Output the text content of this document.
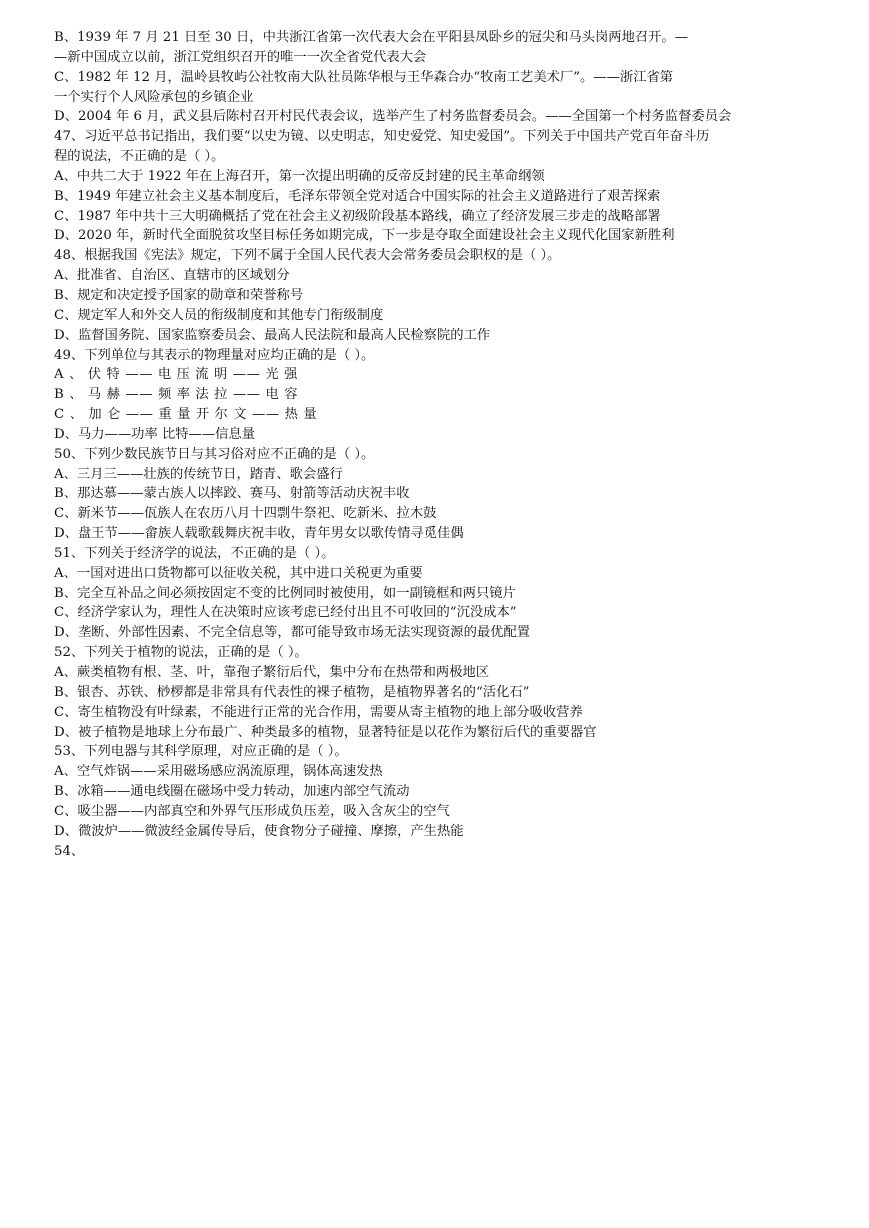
B、1939 年 7 月 21 日至 30 日，中共浙江省第一次代表大会在平阳县凤卧乡的冠尖和马头岗两地召开。—
—新中国成立以前，浙江党组织召开的唯一一次全省党代表大会
C、1982 年 12 月，温岭县牧屿公社牧南大队社员陈华根与王华森合办“牧南工艺美术厂”。——浙江省第
一个实行个人风险承包的乡镇企业
D、2004 年 6 月，武义县后陈村召开村民代表会议，选举产生了村务监督委员会。——全国第一个村务监督委员会
47、习近平总书记指出，我们要“以史为镜、以史明志，知史爱党、知史爱国”。下列关于中国共产党百年奋斗历
程的说法，不正确的是（ ）。
A、中共二大于 1922 年在上海召开，第一次提出明确的反帝反封建的民主革命纲领
B、1949 年建立社会主义基本制度后，毛泽东带领全党对适合中国实际的社会主义道路进行了艰苦探索
C、1987 年中共十三大明确概括了党在社会主义初级阶段基本路线，确立了经济发展三步走的战略部署
D、2020 年，新时代全面脱贫攻坚目标任务如期完成，下一步是夺取全面建设社会主义现代化国家新胜利
48、根据我国《宪法》规定，下列不属于全国人民代表大会常务委员会职权的是（ ）。
A、批准省、自治区、直辖市的区域划分
B、规定和决定授予国家的勋章和荣誉称号
C、规定军人和外交人员的衔级制度和其他专门衔级制度
D、监督国务院、国家监察委员会、最高人民法院和最高人民检察院的工作
49、下列单位与其表示的物理量对应均正确的是（ ）。
A 、 伏 特 —— 电 压 流 明 —— 光 强
B 、 马 赫 —— 频 率 法 拉 —— 电 容
C 、 加 仑 —— 重 量 开 尔 文 —— 热 量
D、马力——功率 比特——信息量
50、下列少数民族节日与其习俗对应不正确的是（ ）。
A、三月三——壮族的传统节日，踏青、歌会盛行
B、那达慕——蒙古族人以摔跤、赛马、射箭等活动庆祝丰收
C、新米节——佤族人在农历八月十四剽牛祭祀、吃新米、拉木鼓
D、盘王节——畲族人载歌载舞庆祝丰收，青年男女以歌传情寻觅佳偶
51、下列关于经济学的说法，不正确的是（ ）。
A、一国对进出口货物都可以征收关税，其中进口关税更为重要
B、完全互补品之间必须按固定不变的比例同时被使用，如一副镜框和两只镜片
C、经济学家认为，理性人在决策时应该考虑已经付出且不可收回的“沉没成本”
D、垄断、外部性因素、不完全信息等，都可能导致市场无法实现资源的最优配置
52、下列关于植物的说法，正确的是（ ）。
A、蕨类植物有根、茎、叶，靠孢子繁衍后代，集中分布在热带和两极地区
B、银杏、苏铁、桫椤都是非常具有代表性的裸子植物，是植物界著名的“活化石”
C、寄生植物没有叶绿素，不能进行正常的光合作用，需要从寄主植物的地上部分吸收营养
D、被子植物是地球上分布最广、种类最多的植物，显著特征是以花作为繁衍后代的重要器官
53、下列电器与其科学原理，对应正确的是（ ）。
A、空气炸锅——采用磁场感应涡流原理，锅体高速发热
B、冰箱——通电线圈在磁场中受力转动，加速内部空气流动
C、吸尘器——内部真空和外界气压形成负压差，吸入含灰尘的空气
D、微波炉——微波经金属传导后，使食物分子碰撞、摩擦，产生热能
54、
